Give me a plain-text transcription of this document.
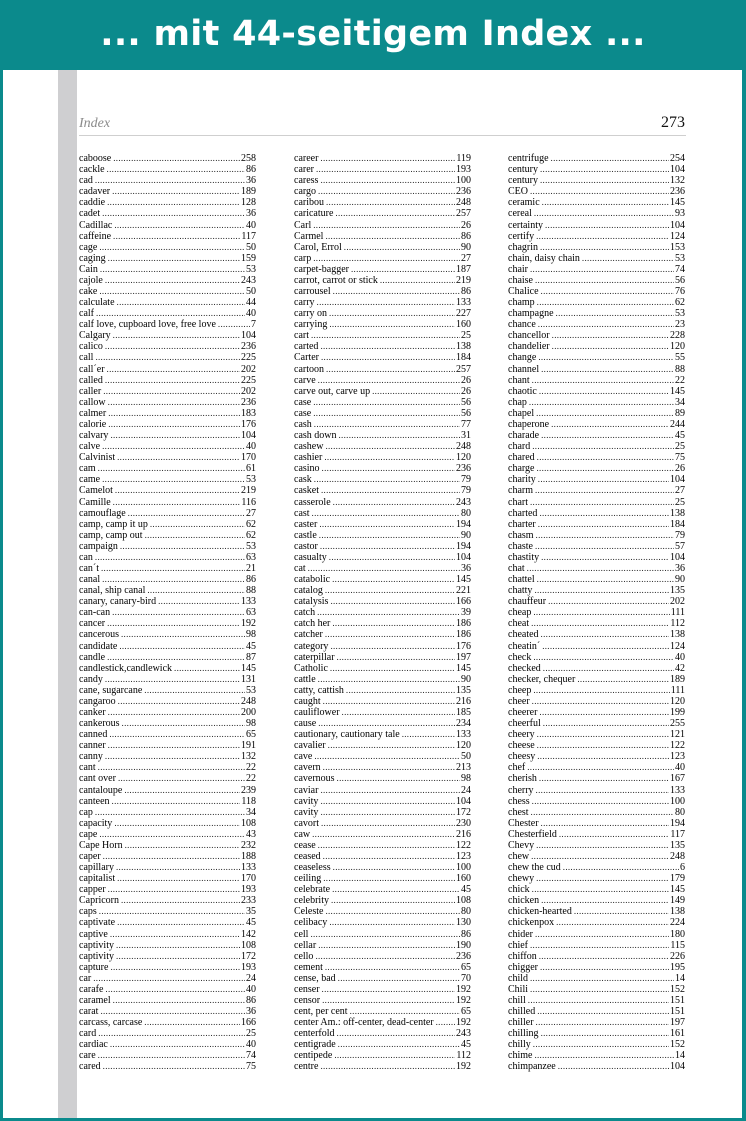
... mit 44-seitigem Index ...
Index	273
caboose .....	258
cackle .....	86
cad .....	36
cadaver .....	189
caddie .....	128
cadet .....	36
Cadillac .....	40
caffeine .....	117
cage .....	50
caging .....	159
Cain .....	53
cajole .....	243
cake .....	50
calculate .....	44
calf .....	40
calf love, cupboard love, free love .....	7
Calgary .....	104
calico .....	236
call .....	225
call´er .....	202
called .....	225
caller .....	202
callow .....	236
calmer .....	183
calorie .....	176
calvary .....	104
calve .....	40
Calvinist .....	170
cam .....	61
came .....	53
Camelot .....	219
Camille .....	116
camouflage .....	27
camp, camp it up .....	62
camp, camp out .....	62
campaign .....	53
can .....	63
can´t .....	21
canal .....	86
canal, ship canal .....	88
canary, canary-bird .....	133
can-can .....	63
cancer .....	192
cancerous .....	98
candidate .....	45
candle .....	87
candlestick,candlewick .....	145
candy .....	131
cane, sugarcane .....	53
cangaroo .....	248
canker .....	200
cankerous .....	98
canned .....	65
canner .....	191
canny .....	132
cant .....	22
cant over .....	22
cantaloupe .....	239
canteen .....	118
cap .....	34
capacity .....	108
cape .....	43
Cape Horn .....	232
caper .....	188
capillary .....	133
capitalist .....	170
capper .....	193
Capricorn .....	233
caps .....	35
captivate .....	45
captive .....	142
captivity .....	108
captivity .....	172
capture .....	193
car .....	24
carafe .....	40
caramel .....	86
carat .....	36
carcass, carcase .....	166
card .....	25
cardiac .....	40
care .....	74
cared .....	75
career .....	119
carer .....	193
caress .....	100
cargo .....	236
caribou .....	248
caricature .....	257
Carl .....	26
Carmel .....	86
Carol, Errol .....	90
carp .....	27
carpet-bagger .....	187
carrot, carrot or stick .....	219
carrousel .....	86
carry .....	133
carry on .....	227
carrying .....	160
cart .....	25
carted .....	138
Carter .....	184
cartoon .....	257
carve .....	26
carve out, carve up .....	26
case .....	56
case .....	56
cash .....	77
cash down .....	31
cashew .....	248
cashier .....	120
casino .....	236
cask .....	79
casket .....	79
casserole .....	243
cast .....	80
caster .....	194
castle .....	90
castor .....	194
casualty .....	104
cat .....	36
catabolic .....	145
catalog .....	221
catalysis .....	166
catch .....	39
catch her .....	186
catcher .....	186
category .....	176
caterpillar .....	197
Catholic .....	145
cattle .....	90
catty, cattish .....	135
caught .....	216
cauliflower .....	185
cause .....	234
cautionary, cautionary tale .....	133
cavalier .....	120
cave .....	50
cavern .....	213
cavernous .....	98
caviar .....	24
cavity .....	104
cavity .....	172
cavort .....	230
caw .....	216
cease .....	122
ceased .....	123
ceaseless .....	100
ceiling .....	160
celebrate .....	45
celebrity .....	108
Celeste .....	80
celibacy .....	130
cell .....	86
cellar .....	190
cello .....	236
cement .....	65
cense, bad .....	70
censer .....	192
censor .....	192
cent, per cent .....	65
center Am.: off-center, dead-center ..... 192
centerfold .....	243
centigrade .....	45
centipede .....	112
centre .....	192
centrifuge .....	254
century .....	104
century .....	132
CEO .....	236
ceramic .....	145
cereal .....	93
certainty .....	104
certify .....	124
chagrin .....	153
chain, daisy chain .....	53
chair .....	74
chaise .....	56
Chalice .....	76
champ .....	62
champagne .....	53
chance .....	23
chancellor .....	228
chandelier .....	120
change .....	55
channel .....	88
chant .....	22
chaotic .....	145
chap .....	34
chapel .....	89
chaperone .....	244
charade .....	45
chard .....	25
chared .....	75
charge .....	26
charity .....	104
charm .....	27
chart .....	25
charted .....	138
charter .....	184
chasm .....	79
chaste .....	57
chastity .....	104
chat .....	36
chattel .....	90
chatty .....	135
chauffeur .....	202
cheap .....	111
cheat .....	112
cheated .....	138
cheatin´ .....	124
check .....	40
checked .....	42
checker, chequer .....	189
cheep .....	111
cheer .....	120
cheerer .....	199
cheerful .....	255
cheery .....	121
cheese .....	122
cheesy .....	123
chef .....	40
cherish .....	167
cherry .....	133
chess .....	100
chest .....	80
Chester .....	194
Chesterfield .....	117
Chevy .....	135
chew .....	248
chew the cud .....	6
chewy .....	179
chick .....	145
chicken .....	149
chicken-hearted .....	138
chickenpox .....	224
chider .....	180
chief .....	115
chiffon .....	226
chigger .....	195
child .....	14
Chili .....	152
chill .....	151
chilled .....	151
chiller .....	197
chilling .....	161
chilly .....	152
chime .....	14
chimpanzee .....	104
